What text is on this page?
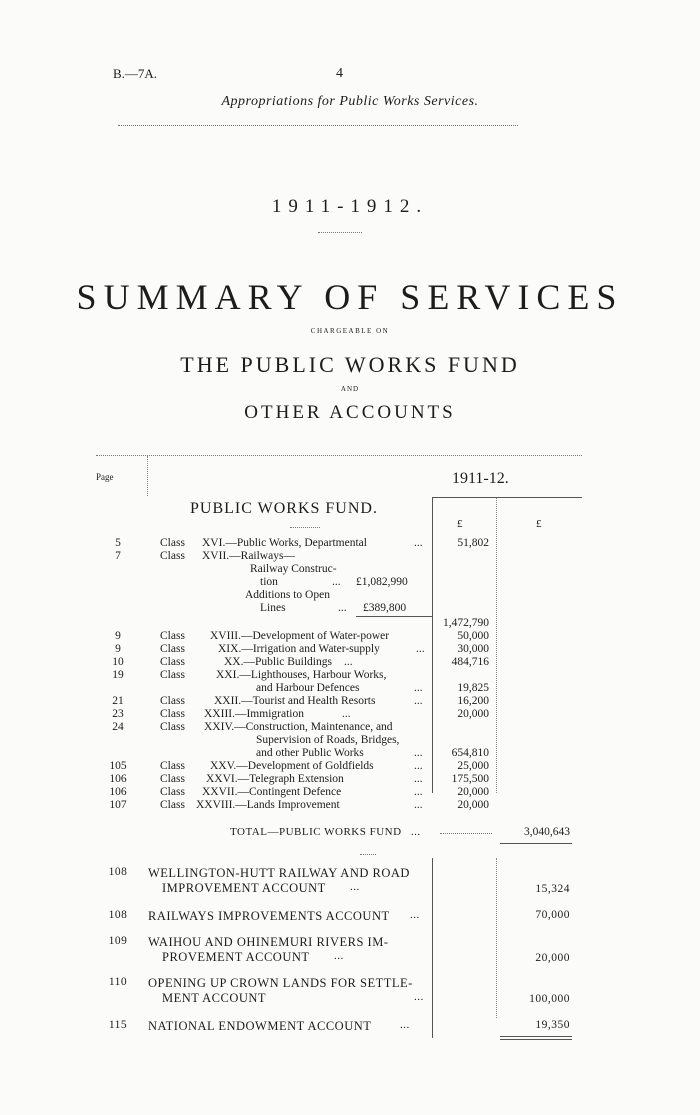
B.—7A.	4
Appropriations for Public Works Services.
1911-1912.
SUMMARY OF SERVICES
CHARGEABLE ON
THE PUBLIC WORKS FUND
AND
OTHER ACCOUNTS
Page	1911-12.
PUBLIC WORKS FUND.
£	£
5	Class XVI.—Public Works, Departmental	...	51,802
7	Class XVII.—Railways—
Railway Construc-
tion	... £1,082,990
Additions to Open
Lines	... £389,800
1,472,790
9	Class XVIII.—Development of Water-power	50,000
9	Class	XIX.—Irrigation and Water-supply	...	30,000
10	Class	XX.—Public Buildings ...	484,716
19	Class	XXI.—Lighthouses, Harbour Works,
and Harbour Defences	...	19,825
21	Class	XXII.—Tourist and Health Resorts	...	16,200
23	Class XXIII.—Immigration	...	20,000
24	Class XXIV.—Construction, Maintenance, and
Supervision of Roads, Bridges,
and other Public Works	...	654,810
105	Class XXV.—Development of Goldfields	...	25,000
106	Class XXVI.—Telegraph Extension	...	175,500
106	Class XXVII.—Contingent Defence	...	20,000
107	Class XXVIII.—Lands Improvement	...	20,000
TOTAL—PUBLIC WORKS FUND ...	3,040,643
108 WELLINGTON-HUTT RAILWAY AND ROAD
IMPROVEMENT ACCOUNT ...	15,324
108 RAILWAYS IMPROVEMENTS ACCOUNT ...	70,000
109 WAIHOU AND OHINEMURI RIVERS IM-
PROVEMENT ACCOUNT ...	20,000
110 OPENING UP CROWN LANDS FOR SETTLE-
MENT ACCOUNT	...	100,000
115 NATIONAL ENDOWMENT ACCOUNT	...	19,350
